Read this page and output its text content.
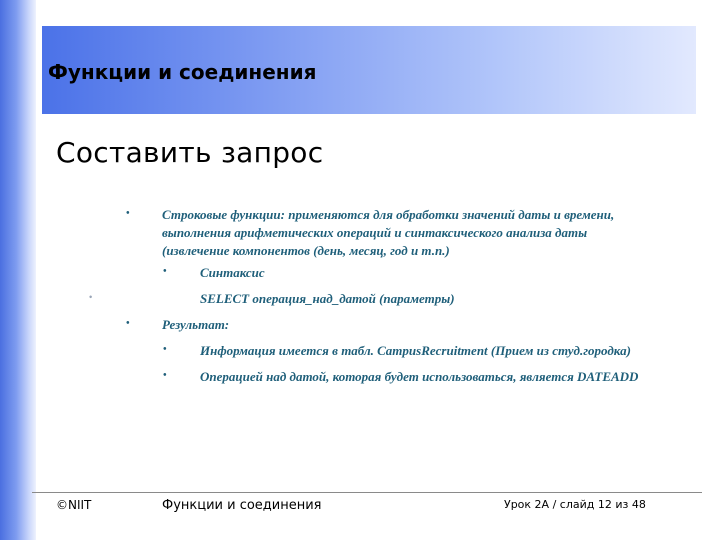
Функции и соединения
Составить запрос
• Строковые функции: применяются для обработки значений даты и времени,
выполнения арифметических операций и синтаксического анализа даты
(извлечение компонентов (день, месяц, год и т.п.)
•	Синтаксис
•	SELECT операция_над_датой (параметры)
• Результат:
•	Информация имеется в табл. CampusRecruitment (Прием из студ.городка)
•	Операцией над датой, которая будет использоваться, является DATEADD
©NIIT	Функции и соединения	Урок 2A / слайд 12 из 48
